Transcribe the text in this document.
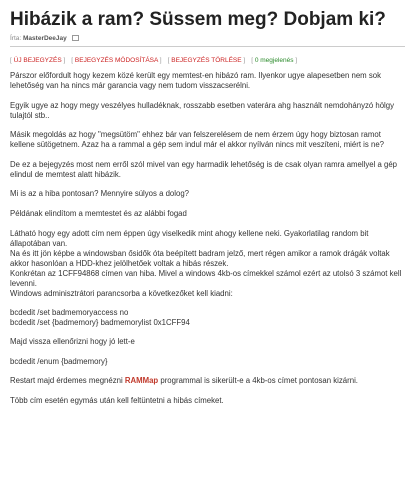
Hibázik a ram? Süssem meg? Dobjam ki?
Írta: MasterDeeJay
[ ÚJ BEJEGYZÉS ] [ BEJEGYZÉS MÓDOSÍTÁSA ] [ BEJEGYZÉS TÖRLÉSE ] [ 0 megjelenés ]

Párszor előfordult hogy kezem közé került egy memtest-en hibázó ram. Ilyenkor ugye alapesetben nem sok lehetőség van ha nincs már garancia vagy nem tudom visszacserélni.

Egyik ugye az hogy megy veszélyes hulladéknak, rosszabb esetben vaterára ahg használt nemdohányzó hölgy tulajtól stb..

Másik megoldás az hogy "megsütöm" ehhez bár van felszerelésem de nem érzem úgy hogy biztosan ramot kellene sütögetnem. Azaz ha a rammal a gép sem indul már el akkor nyílván nincs mit veszíteni, miért is ne?

De ez a bejegyzés most nem erről szól mivel van egy harmadik lehetőség is de csak olyan ramra amellyel a gép elindul de memtest alatt hibázik.

Mi is az a hiba pontosan? Mennyire súlyos a dolog?

Példának elindítom a memtestet és az alábbi fogad

Látható hogy egy adott cím nem éppen úgy viselkedik mint ahogy kellene neki. Gyakorlatilag random bit állapotában van.
Na és itt jön képbe a windowsban ősidők óta beépített badram jelző, mert régen amikor a ramok drágák voltak akkor hasonlóan a HDD-khez jelölhetőek voltak a hibás részek.
Konkrétan az 1CFF94868 címen van hiba. Mivel a windows 4kb-os címekkel számol ezért az utolsó 3 számot kell levenni.
Windows adminisztrátori parancsorba a következőket kell kiadni:

bcdedit /set badmemoryaccess no
bcdedit /set {badmemory} badmemorylist 0x1CFF94

Majd vissza ellenőrizni hogy jó lett-e

bcdedit /enum {badmemory}

Restart majd érdemes megnézni RAMMap programmal is sikerült-e a 4kb-os címet pontosan kizárni.

Több cím esetén egymás után kell feltüntetni a hibás címeket.
